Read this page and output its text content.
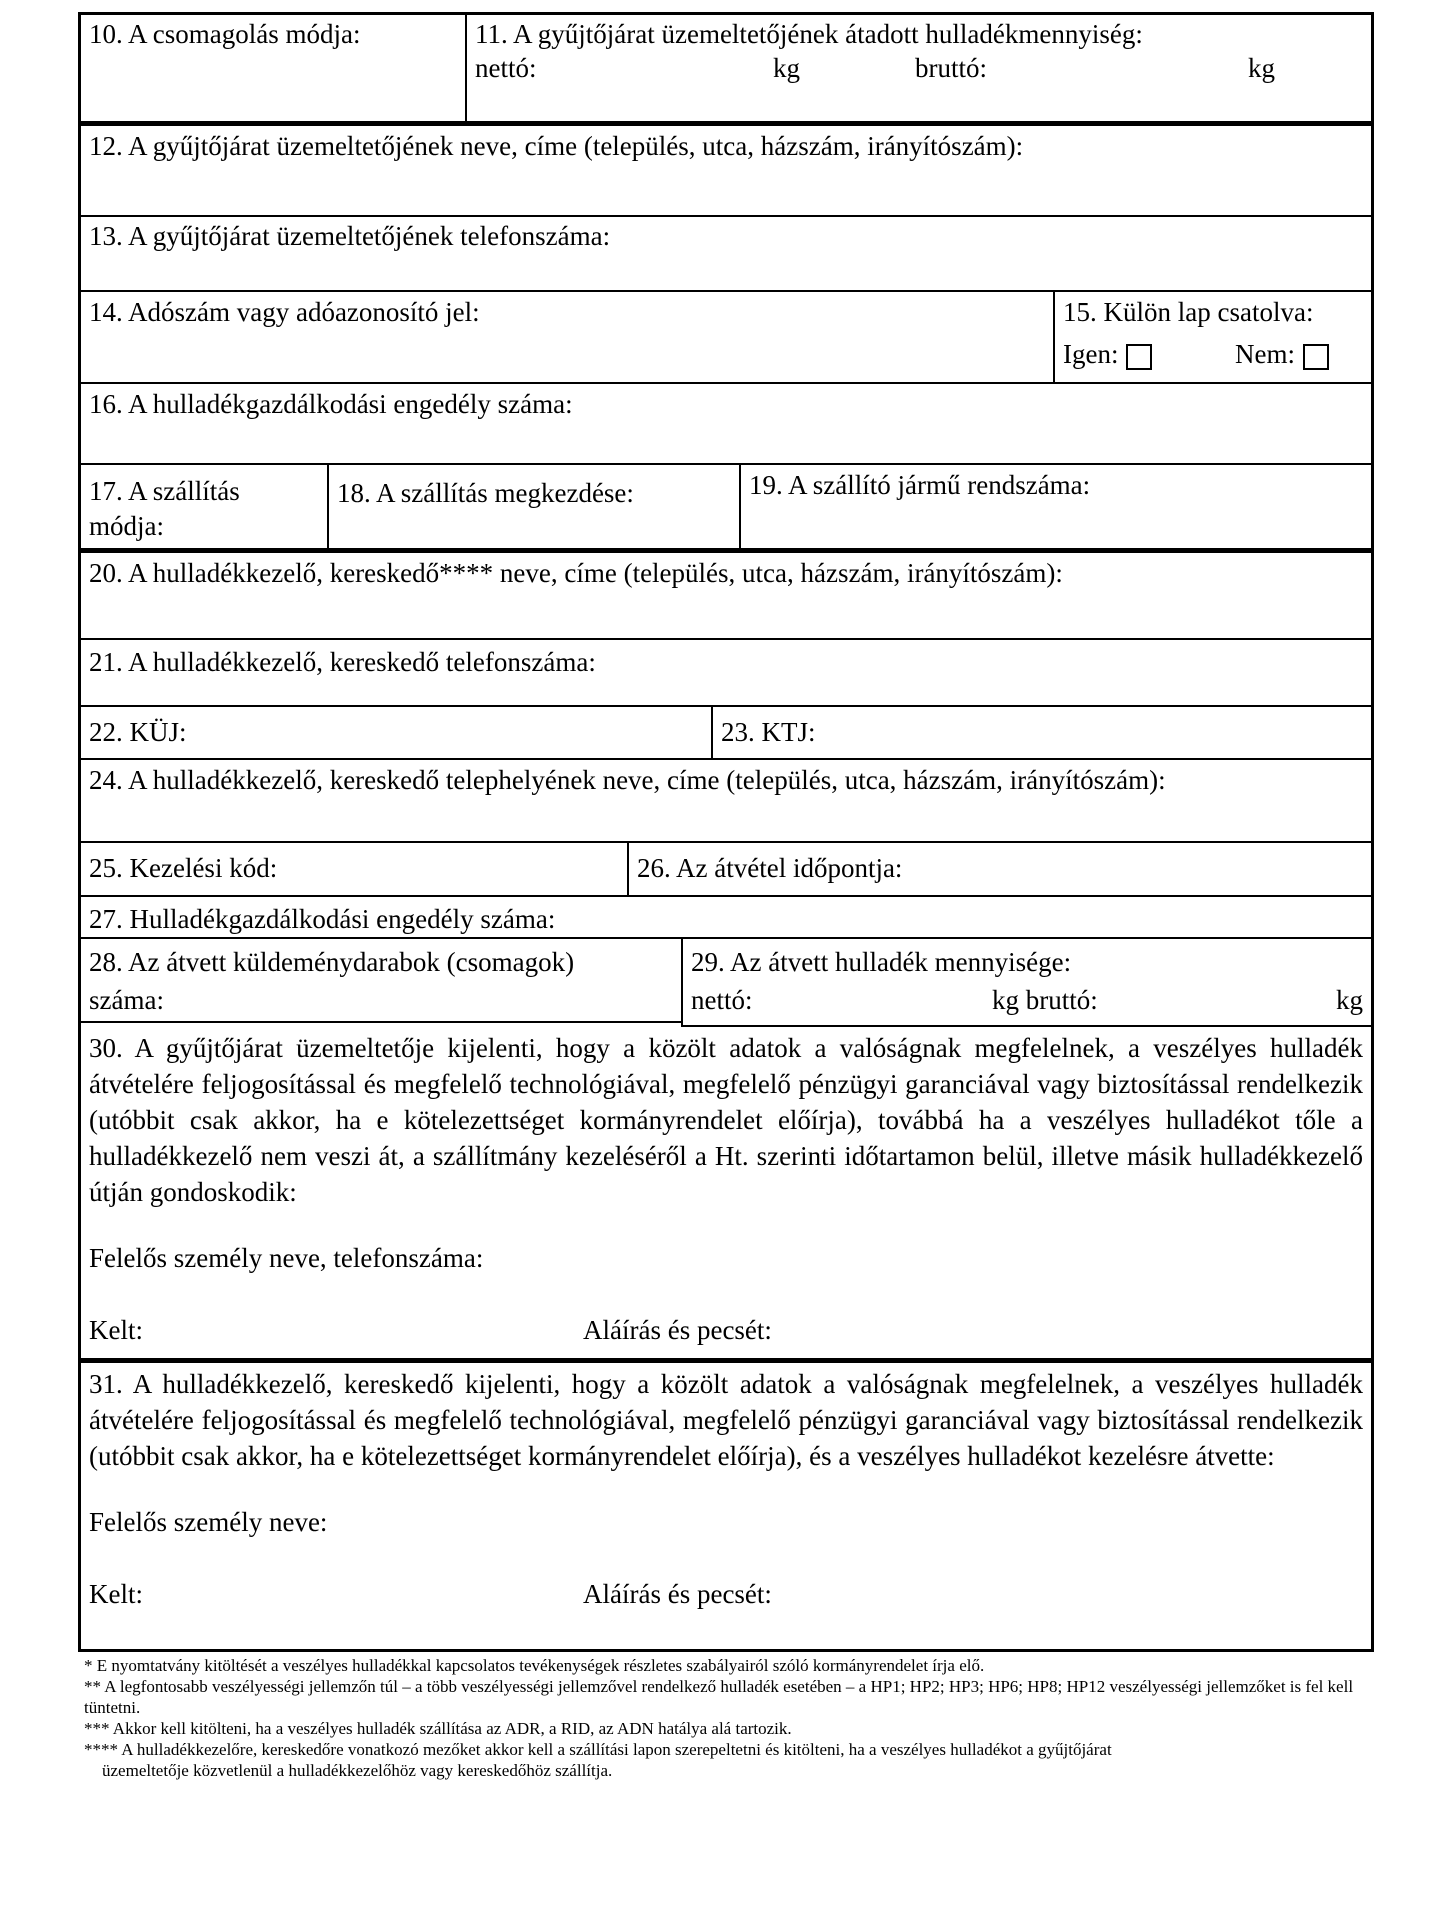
10. A csomagolás módja:	11. A gyűjtőjárat üzemeltetőjének átadott hulladékmennyiség:
nettó:	kg	bruttó:	kg
12. A gyűjtőjárat üzemeltetőjének neve, címe (település, utca, házszám, irányítószám):
13. A gyűjtőjárat üzemeltetőjének telefonszáma:
14. Adószám vagy adóazonosító jel:	15. Külön lap csatolva:
Igen:	Nem:
16. A hulladékgazdálkodási engedély száma:
17. A szállítás
módja:
18. A szállítás megkezdése:	19. A szállító jármű rendszáma:
20. A hulladékkezelő, kereskedő**** neve, címe (település, utca, házszám, irányítószám):
21. A hulladékkezelő, kereskedő telefonszáma:
22. KÜJ:	23. KTJ:
24. A hulladékkezelő, kereskedő telephelyének neve, címe (település, utca, házszám, irányítószám):
25. Kezelési kód:	26. Az átvétel időpontja:
27. Hulladékgazdálkodási engedély száma:
28. Az átvett küldeménydarabok (csomagok)
száma:
29. Az átvett hulladék mennyisége:
nettó:	kg bruttó:	kg
30. A gyűjtőjárat üzemeltetője kijelenti, hogy a közölt adatok a valóságnak megfelelnek, a veszélyes hulladék átvételére feljogosítással és megfelelő technológiával, megfelelő pénzügyi garanciával vagy biztosítással rendelkezik (utóbbit csak akkor, ha e kötelezettséget kormányrendelet előírja), továbbá ha a veszélyes hulladékot tőle a hulladékkezelő nem veszi át, a szállítmány kezeléséről a Ht. szerinti időtartamon belül, illetve másik hulladékkezelő útján gondoskodik:
Felelős személy neve, telefonszáma:
Kelt:	Aláírás és pecsét:
31. A hulladékkezelő, kereskedő kijelenti, hogy a közölt adatok a valóságnak megfelelnek, a veszélyes hulladék átvételére feljogosítással és megfelelő technológiával, megfelelő pénzügyi garanciával vagy biztosítással rendelkezik (utóbbit csak akkor, ha e kötelezettséget kormányrendelet előírja), és a veszélyes hulladékot kezelésre átvette:
Felelős személy neve:
Kelt:	Aláírás és pecsét:
* E nyomtatvány kitöltését a veszélyes hulladékkal kapcsolatos tevékenységek részletes szabályairól szóló kormányrendelet írja elő.
** A legfontosabb veszélyességi jellemzőn túl – a több veszélyességi jellemzővel rendelkező hulladék esetében – a HP1; HP2; HP3; HP6; HP8; HP12 veszélyességi jellemzőket is fel kell tüntetni.
*** Akkor kell kitölteni, ha a veszélyes hulladék szállítása az ADR, a RID, az ADN hatálya alá tartozik.
**** A hulladékkezelőre, kereskedőre vonatkozó mezőket akkor kell a szállítási lapon szerepeltetni és kitölteni, ha a veszélyes hulladékot a gyűjtőjárat
üzemeltetője közvetlenül a hulladékkezelőhöz vagy kereskedőhöz szállítja.
